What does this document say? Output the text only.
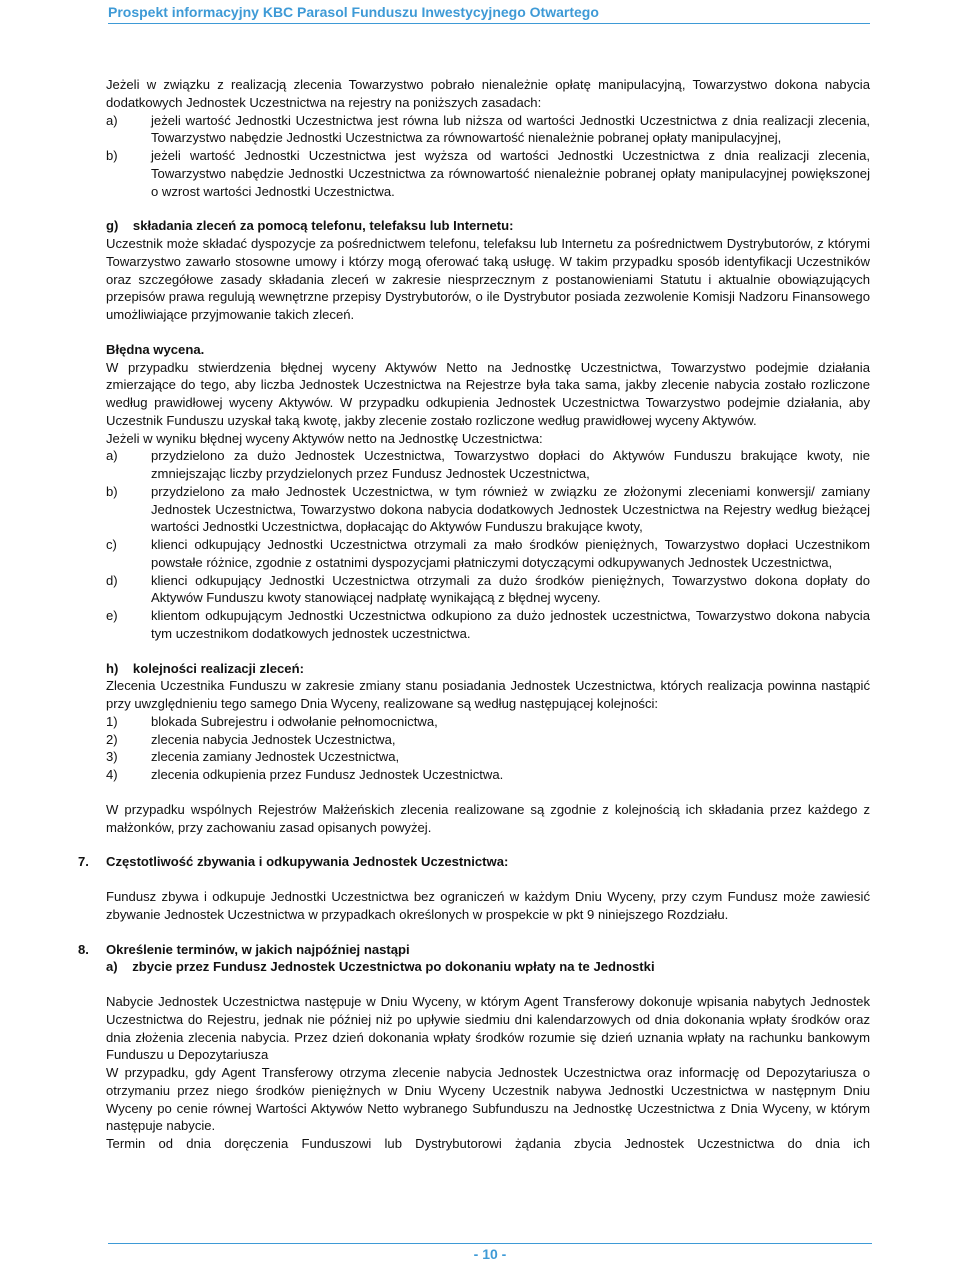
Prospekt informacyjny KBC Parasol Funduszu Inwestycyjnego Otwartego
Jeżeli w związku z realizacją zlecenia Towarzystwo pobrało nienależnie opłatę manipulacyjną, Towarzystwo dokona nabycia dodatkowych Jednostek Uczestnictwa na rejestry na poniższych zasadach:
a)	jeżeli wartość Jednostki Uczestnictwa jest równa lub niższa od wartości Jednostki Uczestnictwa z dnia realizacji zlecenia, Towarzystwo nabędzie Jednostki Uczestnictwa za równowartość nienależnie pobranej opłaty manipulacyjnej,
b)	jeżeli wartość Jednostki Uczestnictwa jest wyższa od wartości Jednostki Uczestnictwa z dnia realizacji zlecenia, Towarzystwo nabędzie Jednostki Uczestnictwa za równowartość nienależnie pobranej opłaty manipulacyjnej powiększonej o wzrost wartości Jednostki Uczestnictwa.
g)    składania zleceń za pomocą telefonu, telefaksu lub Internetu:
Uczestnik może składać dyspozycje za pośrednictwem telefonu, telefaksu lub Internetu za pośrednictwem Dystrybutorów, z którymi Towarzystwo zawarło stosowne umowy i którzy mogą oferować taką usługę. W takim przypadku sposób identyfikacji Uczestników oraz szczegółowe zasady składania zleceń w zakresie niesprzecznym z postanowieniami Statutu i aktualnie obowiązujących przepisów prawa regulują wewnętrzne przepisy Dystrybutorów, o ile Dystrybutor posiada zezwolenie Komisji Nadzoru Finansowego umożliwiające przyjmowanie takich zleceń.
Błędna wycena.
W przypadku stwierdzenia błędnej wyceny Aktywów Netto na Jednostkę Uczestnictwa, Towarzystwo podejmie działania zmierzające do tego, aby liczba Jednostek Uczestnictwa na Rejestrze była taka sama, jakby zlecenie nabycia zostało rozliczone według prawidłowej wyceny Aktywów. W przypadku odkupienia Jednostek Uczestnictwa Towarzystwo podejmie działania, aby Uczestnik Funduszu uzyskał taką kwotę, jakby zlecenie zostało rozliczone według prawidłowej wyceny Aktywów.
Jeżeli w wyniku błędnej wyceny Aktywów netto na Jednostkę Uczestnictwa:
a)	przydzielono za dużo Jednostek Uczestnictwa, Towarzystwo dopłaci do Aktywów Funduszu brakujące kwoty, nie zmniejszając liczby przydzielonych przez Fundusz Jednostek Uczestnictwa,
b)	przydzielono za mało Jednostek Uczestnictwa, w tym również w związku ze złożonymi zleceniami konwersji/ zamiany Jednostek Uczestnictwa, Towarzystwo dokona nabycia dodatkowych Jednostek Uczestnictwa na Rejestry według bieżącej wartości Jednostki Uczestnictwa, dopłacając do Aktywów Funduszu brakujące kwoty,
c)	klienci odkupujący Jednostki Uczestnictwa otrzymali za mało środków pieniężnych, Towarzystwo dopłaci Uczestnikom powstałe różnice, zgodnie z ostatnimi dyspozycjami płatniczymi dotyczącymi odkupywanych Jednostek Uczestnictwa,
d)	klienci odkupujący Jednostki Uczestnictwa otrzymali za dużo środków pieniężnych, Towarzystwo dokona dopłaty do Aktywów Funduszu kwoty stanowiącej nadpłatę wynikającą z błędnej wyceny.
e)	klientom odkupującym Jednostki Uczestnictwa odkupiono za dużo jednostek uczestnictwa, Towarzystwo dokona nabycia tym uczestnikom dodatkowych jednostek uczestnictwa.
h)    kolejności realizacji zleceń:
Zlecenia Uczestnika Funduszu w zakresie zmiany stanu posiadania Jednostek Uczestnictwa, których realizacja powinna nastąpić przy uwzględnieniu tego samego Dnia Wyceny, realizowane są według następującej kolejności:
1)	blokada Subrejestru i odwołanie pełnomocnictwa,
2)	zlecenia nabycia Jednostek Uczestnictwa,
3)	zlecenia zamiany Jednostek Uczestnictwa,
4)	zlecenia odkupienia przez Fundusz Jednostek Uczestnictwa.
W przypadku wspólnych Rejestrów Małżeńskich zlecenia realizowane są zgodnie z kolejnością ich składania przez każdego z małżonków, przy zachowaniu zasad opisanych powyżej.
7. Częstotliwość zbywania i odkupywania Jednostek Uczestnictwa:
Fundusz zbywa i odkupuje Jednostki Uczestnictwa bez ograniczeń w każdym Dniu Wyceny, przy czym Fundusz może zawiesić zbywanie Jednostek Uczestnictwa w przypadkach określonych w prospekcie w pkt 9 niniejszego Rozdziału.
8. Określenie terminów, w jakich najpóźniej nastąpi
a)    zbycie przez Fundusz Jednostek Uczestnictwa po dokonaniu wpłaty na te Jednostki
Nabycie Jednostek Uczestnictwa następuje w Dniu Wyceny, w którym Agent Transferowy dokonuje wpisania nabytych Jednostek Uczestnictwa do Rejestru, jednak nie później niż po upływie siedmiu dni kalendarzowych od dnia dokonania wpłaty środków oraz dnia złożenia zlecenia nabycia. Przez dzień dokonania wpłaty środków rozumie się dzień uznania wpłaty na rachunku bankowym Funduszu u Depozytariusza
W przypadku, gdy Agent Transferowy otrzyma zlecenie nabycia Jednostek Uczestnictwa oraz informację od Depozytariusza o otrzymaniu przez niego środków pieniężnych w Dniu Wyceny Uczestnik nabywa Jednostki Uczestnictwa w następnym Dniu Wyceny po cenie równej Wartości Aktywów Netto wybranego Subfunduszu na Jednostkę Uczestnictwa z Dnia Wyceny, w którym następuje nabycie.
Termin od dnia doręczenia Funduszowi lub Dystrybutorowi żądania zbycia Jednostek Uczestnictwa do dnia ich
- 10 -
